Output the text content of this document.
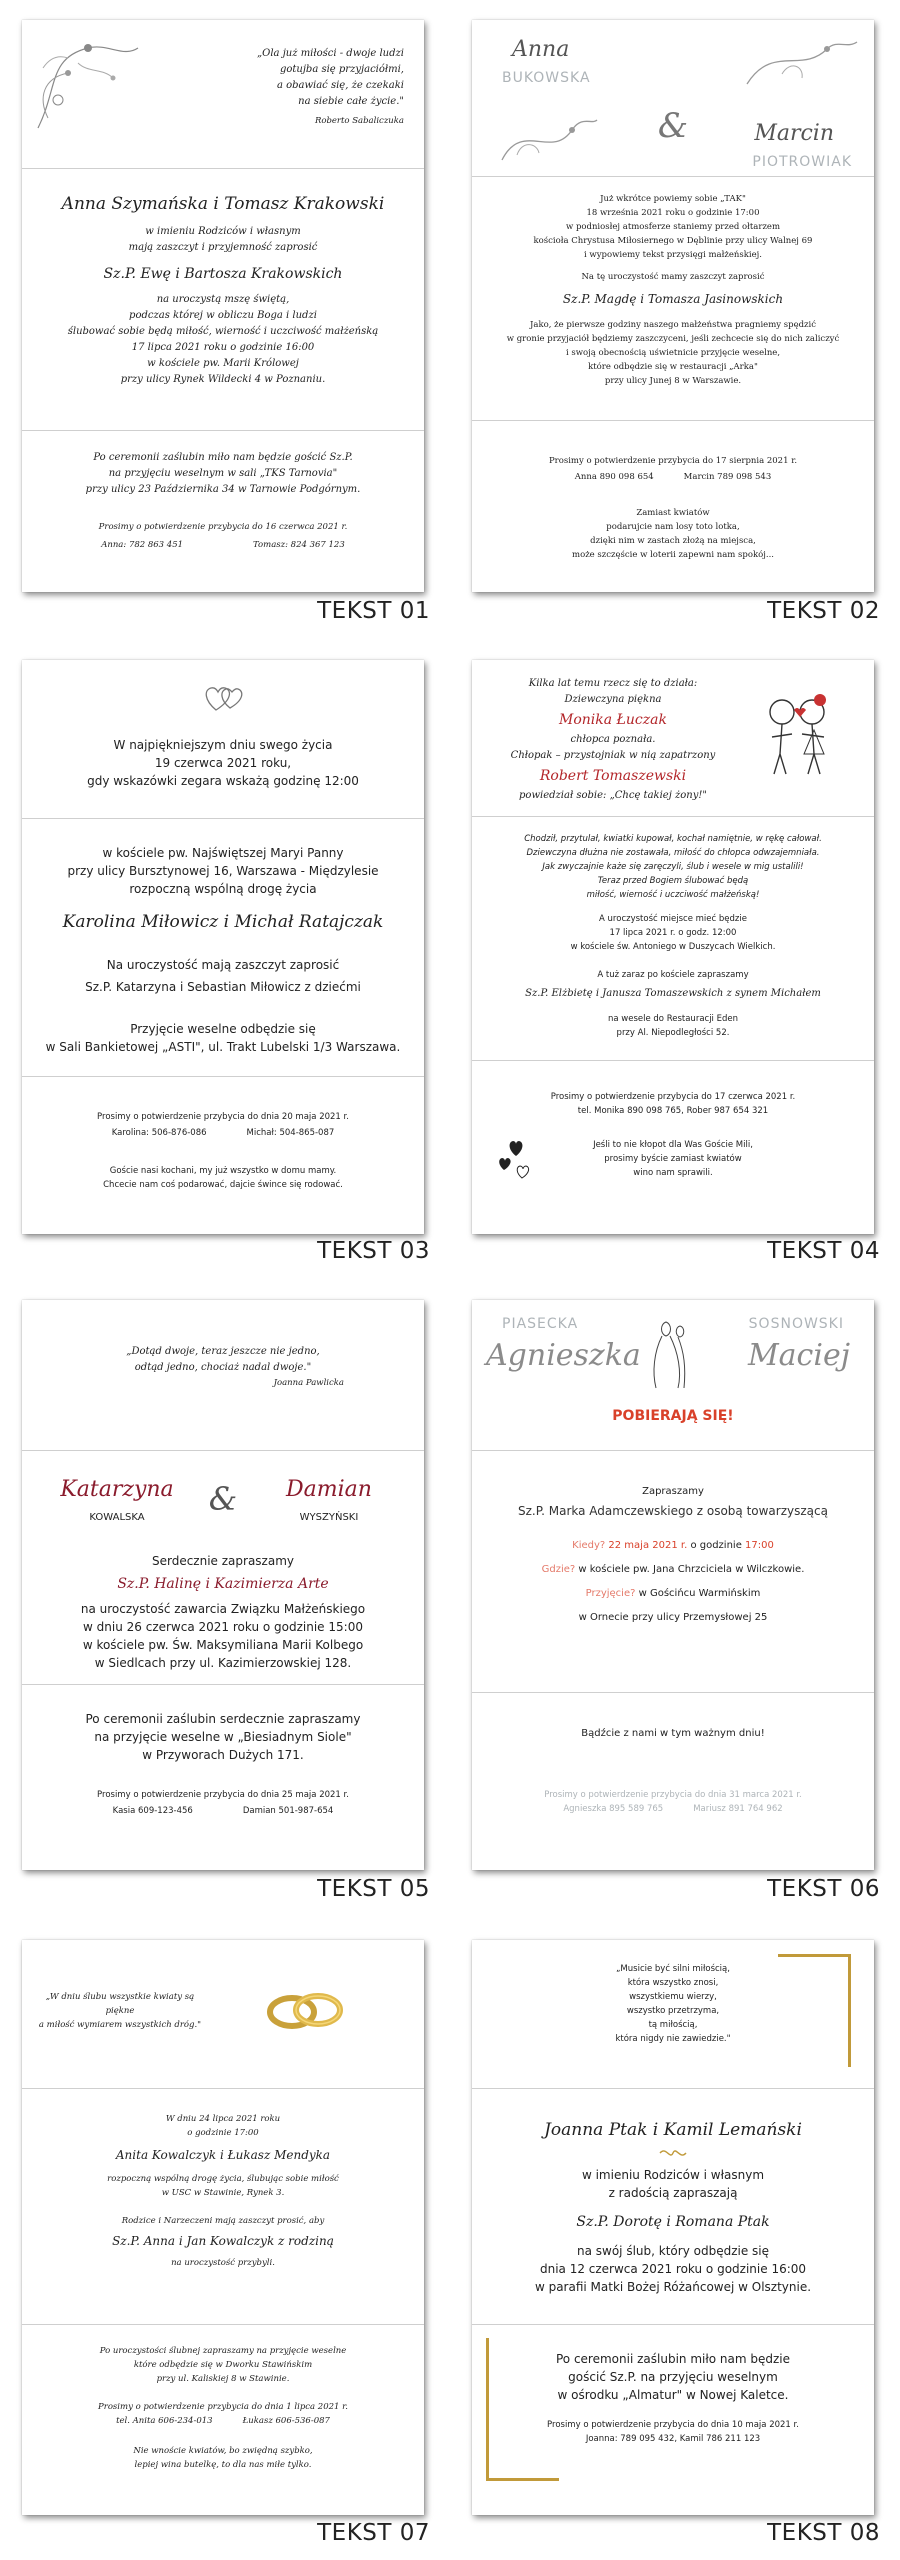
„Ola już miłości - dwoje ludzi
gotujba się przyjaciółmi,
a obawiać się, że czekaki
na siebie całe życie."
Roberto Sabaliczuka
Anna Szymańska i Tomasz Krakowski
w imieniu Rodziców i własnym
mają zaszczyt i przyjemność zaprosić
Sz.P. Ewę i Bartosza Krakowskich
na uroczystą mszę świętą,
podczas której w obliczu Boga i ludzi
ślubować sobie będą miłość, wierność i uczciwość małżeńską
17 lipca 2021 roku o godzinie 16:00
w kościele pw. Marii Królowej
przy ulicy Rynek Wildecki 4 w Poznaniu.
Po ceremonii zaślubin miło nam będzie gościć Sz.P.
na przyjęciu weselnym w sali „TKS Tarnovia"
przy ulicy 23 Października 34 w Tarnowie Podgórnym.
Prosimy o potwierdzenie przybycia do 16 czerwca 2021 r.
Anna: 782 863 451	Tomasz: 824 367 123
TEKST 01
Anna
BUKOWSKA
&	Marcin
PIOTROWIAK
Już wkrótce powiemy sobie „TAK"
18 września 2021 roku o godzinie 17:00
w podniosłej atmosferze staniemy przed ołtarzem
kościoła Chrystusa Miłosiernego w Dęblinie przy ulicy Walnej 69
i wypowiemy tekst przysięgi małżeńskiej.
Na tę uroczystość mamy zaszczyt zaprosić
Sz.P. Magdę i Tomasza Jasinowskich
Jako, że pierwsze godziny naszego małżeństwa pragniemy spędzić
w gronie przyjaciół będziemy zaszczyceni, jeśli zechcecie się do nich zaliczyć
i swoją obecnością uświetnicie przyjęcie weselne,
które odbędzie się w restauracji „Arka"
przy ulicy Junej 8 w Warszawie.
Prosimy o potwierdzenie przybycia do 17 sierpnia 2021 r.
Anna 890 098 654	Marcin 789 098 543
Zamiast kwiatów
podarujcie nam losy toto lotka,
dzięki nim w zastach złożą na miejsca,
może szczęście w loterii zapewni nam spokój...
TEKST 02
W najpiękniejszym dniu swego życia
19 czerwca 2021 roku,
gdy wskazówki zegara wskażą godzinę 12:00
w kościele pw. Najświętszej Maryi Panny
przy ulicy Bursztynowej 16, Warszawa - Międzylesie
rozpoczną wspólną drogę życia
Karolina Miłowicz i Michał Ratajczak
Na uroczystość mają zaszczyt zaprosić
Sz.P. Katarzyna i Sebastian Miłowicz z dziećmi
Przyjęcie weselne odbędzie się
w Sali Bankietowej „ASTI", ul. Trakt Lubelski 1/3 Warszawa.
Prosimy o potwierdzenie przybycia do dnia 20 maja 2021 r.
Karolina: 506-876-086	Michał: 504-865-087
Goście nasi kochani, my już wszystko w domu mamy.
Chcecie nam coś podarować, dajcie śwince się rodować.
TEKST 03
Kilka lat temu rzecz się to działa:
Dziewczyna piękna
Monika Łuczak
chłopca poznała.
Chłopak – przystojniak w nią zapatrzony
Robert Tomaszewski
powiedział sobie: „Chcę takiej żony!"
Chodził, przytulał, kwiatki kupował, kochał namiętnie, w rękę całował.
Dziewczyna dłużna nie zostawała, miłość do chłopca odwzajemniała.
Jak zwyczajnie każe się zaręczyli, ślub i wesele w mig ustalili!
Teraz przed Bogiem ślubować będą
miłość, wierność i uczciwość małżeńską!
A uroczystość miejsce mieć będzie
17 lipca 2021 r. o godz. 12:00
w kościele św. Antoniego w Duszycach Wielkich.
A tuż zaraz po kościele zapraszamy
Sz.P. Elżbietę i Janusza Tomaszewskich z synem Michałem
na wesele do Restauracji Eden
przy Al. Niepodległości 52.
Prosimy o potwierdzenie przybycia do 17 czerwca 2021 r.
tel. Monika 890 098 765, Rober 987 654 321
Jeśli to nie kłopot dla Was Goście Mili,
prosimy byście zamiast kwiatów
wino nam sprawili.
TEKST 04
„Dotąd dwoje, teraz jeszcze nie jedno,
odtąd jedno, chociaż nadal dwoje."
Joanna Pawlicka
Katarzyna
KOWALSKA	&	Damian
WYSZYŃSKI
Serdecznie zapraszamy
Sz.P. Halinę i Kazimierza Arte
na uroczystość zawarcia Związku Małżeńskiego
w dniu 26 czerwca 2021 roku o godzinie 15:00
w kościele pw. Św. Maksymiliana Marii Kolbego
w Siedlcach przy ul. Kazimierzowskiej 128.
Po ceremonii zaślubin serdecznie zapraszamy
na przyjęcie weselne w „Biesiadnym Siole"
w Przyworach Dużych 171.
Prosimy o potwierdzenie przybycia do dnia 25 maja 2021 r.
Kasia 609-123-456	Damian 501-987-654
TEKST 05
PIASECKA
Agnieszka
SOSNOWSKI
Maciej
POBIERAJĄ SIĘ!
Zapraszamy
Sz.P. Marka Adamczewskiego z osobą towarzyszącą
Kiedy? 22 maja 2021 r. o godzinie 17:00
Gdzie? w kościele pw. Jana Chrzciciela w Wilczkowie.
Przyjęcie? w Gościńcu Warmińskim
w Ornecie przy ulicy Przemysłowej 25
Bądźcie z nami w tym ważnym dniu!
Prosimy o potwierdzenie przybycia do dnia 31 marca 2021 r.
Agnieszka 895 589 765	Mariusz 891 764 962
TEKST 06
„W dniu ślubu wszystkie kwiaty są piękne
a miłość wymiarem wszystkich dróg."
W dniu 24 lipca 2021 roku
o godzinie 17:00
Anita Kowalczyk i Łukasz Mendyka
rozpoczną wspólną drogę życia, ślubując sobie miłość
w USC w Stawinie, Rynek 3.
Rodzice i Narzeczeni mają zaszczyt prosić, aby
Sz.P. Anna i Jan Kowalczyk z rodziną
na uroczystość przybyli.
Po uroczystości ślubnej zapraszamy na przyjęcie weselne
które odbędzie się w Dworku Stawińskim
przy ul. Kaliskiej 8 w Stawinie.
Prosimy o potwierdzenie przybycia do dnia 1 lipca 2021 r.
tel. Anita 606-234-013	Łukasz 606-536-087
Nie wnoście kwiatów, bo zwiędną szybko,
lepiej wina butelkę, to dla nas miłe tylko.
TEKST 07
„Musicie być silni miłością,
która wszystko znosi,
wszystkiemu wierzy,
wszystko przetrzyma,
tą miłością,
która nigdy nie zawiedzie."
Joanna Ptak i Kamil Lemański
w imieniu Rodziców i własnym
z radością zapraszają
Sz.P. Dorotę i Romana Ptak
na swój ślub, który odbędzie się
dnia 12 czerwca 2021 roku o godzinie 16:00
w parafii Matki Bożej Różańcowej w Olsztynie.
Po ceremonii zaślubin miło nam będzie
gościć Sz.P. na przyjęciu weselnym
w ośrodku „Almatur" w Nowej Kaletce.
Prosimy o potwierdzenie przybycia do dnia 10 maja 2021 r.
Joanna: 789 095 432, Kamil 786 211 123
TEKST 08
